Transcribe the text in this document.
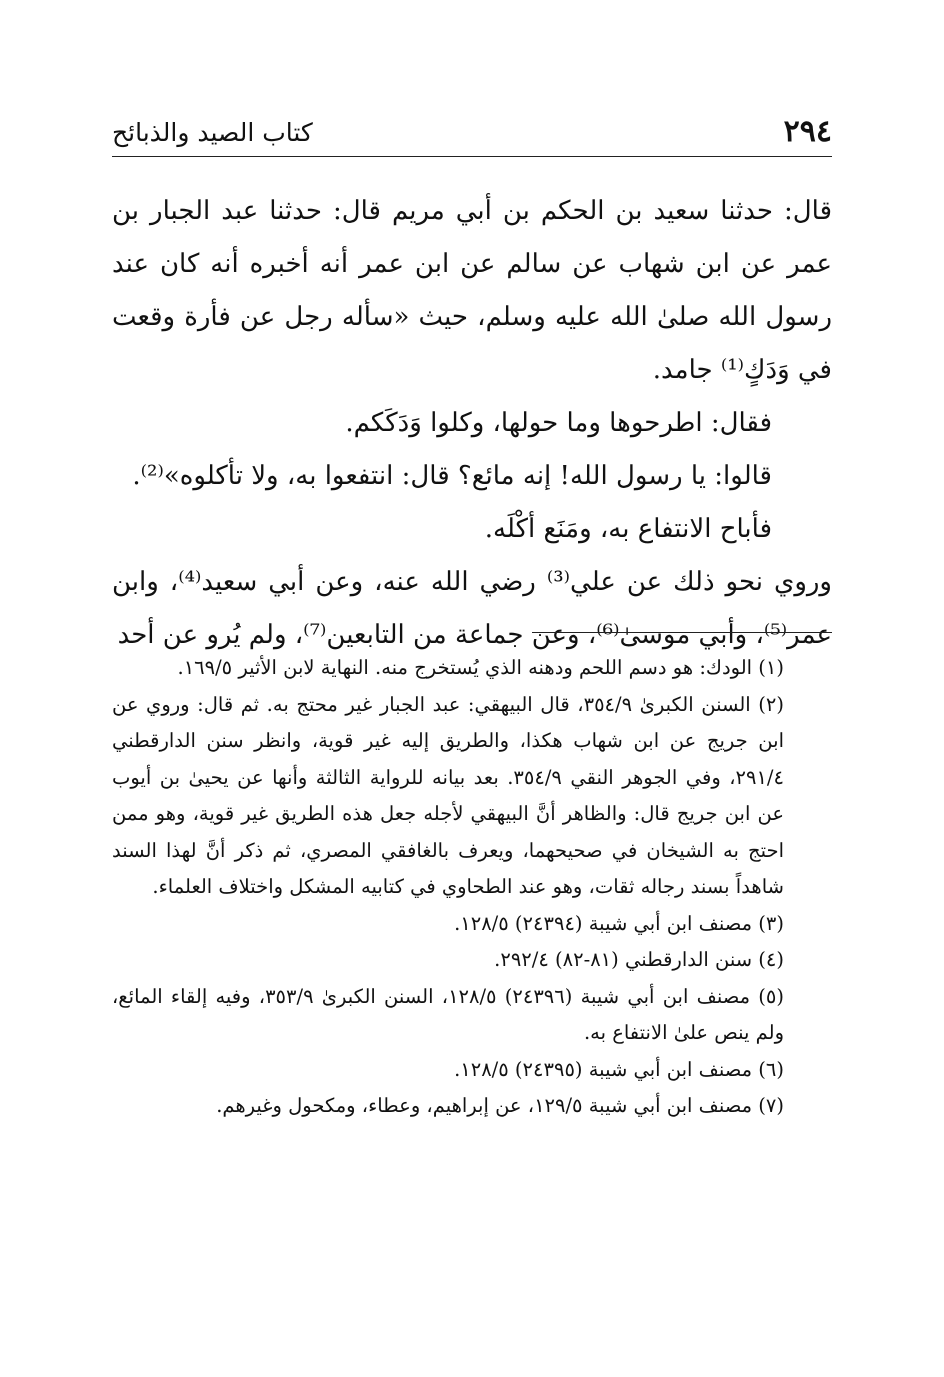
٢٩٤
كتاب الصيد والذبائح

قال: حدثنا سعيد بن الحكم بن أبي مريم قال: حدثنا عبد الجبار بن عمر عن ابن شهاب عن سالم عن ابن عمر أنه أخبره أنه كان عند رسول الله صلىٰ الله عليه وسلم، حيث «سأله رجل عن فأرة وقعت في وَدَكٍ⁽¹⁾ جامد.

فقال: اطرحوها وما حولها، وكلوا وَدَكَكم.

قالوا: يا رسول الله! إنه مائع؟ قال: انتفعوا به، ولا تأكلوه»⁽²⁾.

فأباح الانتفاع به، ومَنَع أكْلَه.

وروي نحو ذلك عن علي⁽³⁾ رضي الله عنه، وعن أبي سعيد⁽⁴⁾، وابن عمر⁽⁵⁾، وأبي موسىٰ⁽⁶⁾، وعن جماعة من التابعين⁽⁷⁾، ولم يُرو عن أحد

(١) الودك: هو دسم اللحم ودهنه الذي يُستخرج منه. النهاية لابن الأثير ١٦٩/٥.

(٢) السنن الكبرىٰ ٣٥٤/٩، قال البيهقي: عبد الجبار غير محتج به. ثم قال: وروي عن ابن جريج عن ابن شهاب هكذا، والطريق إليه غير قوية، وانظر سنن الدارقطني ٢٩١/٤، وفي الجوهر النقي ٣٥٤/٩. بعد بيانه للرواية الثالثة وأنها عن يحيىٰ بن أيوب عن ابن جريج قال: والظاهر أنَّ البيهقي لأجله جعل هذه الطريق غير قوية، وهو ممن احتج به الشيخان في صحيحهما، ويعرف بالغافقي المصري، ثم ذكر أنَّ لهذا السند شاهداً بسند رجاله ثقات، وهو عند الطحاوي في كتابيه المشكل واختلاف العلماء.

(٣) مصنف ابن أبي شيبة (٢٤٣٩٤) ١٢٨/٥.

(٤) سنن الدارقطني (٨١-٨٢) ٢٩٢/٤.

(٥) مصنف ابن أبي شيبة (٢٤٣٩٦) ١٢٨/٥، السنن الكبرىٰ ٣٥٣/٩، وفيه إلقاء المائع، ولم ينص علىٰ الانتفاع به.

(٦) مصنف ابن أبي شيبة (٢٤٣٩٥) ١٢٨/٥.

(٧) مصنف ابن أبي شيبة ١٢٩/٥، عن إبراهيم، وعطاء، ومكحول وغيرهم.
